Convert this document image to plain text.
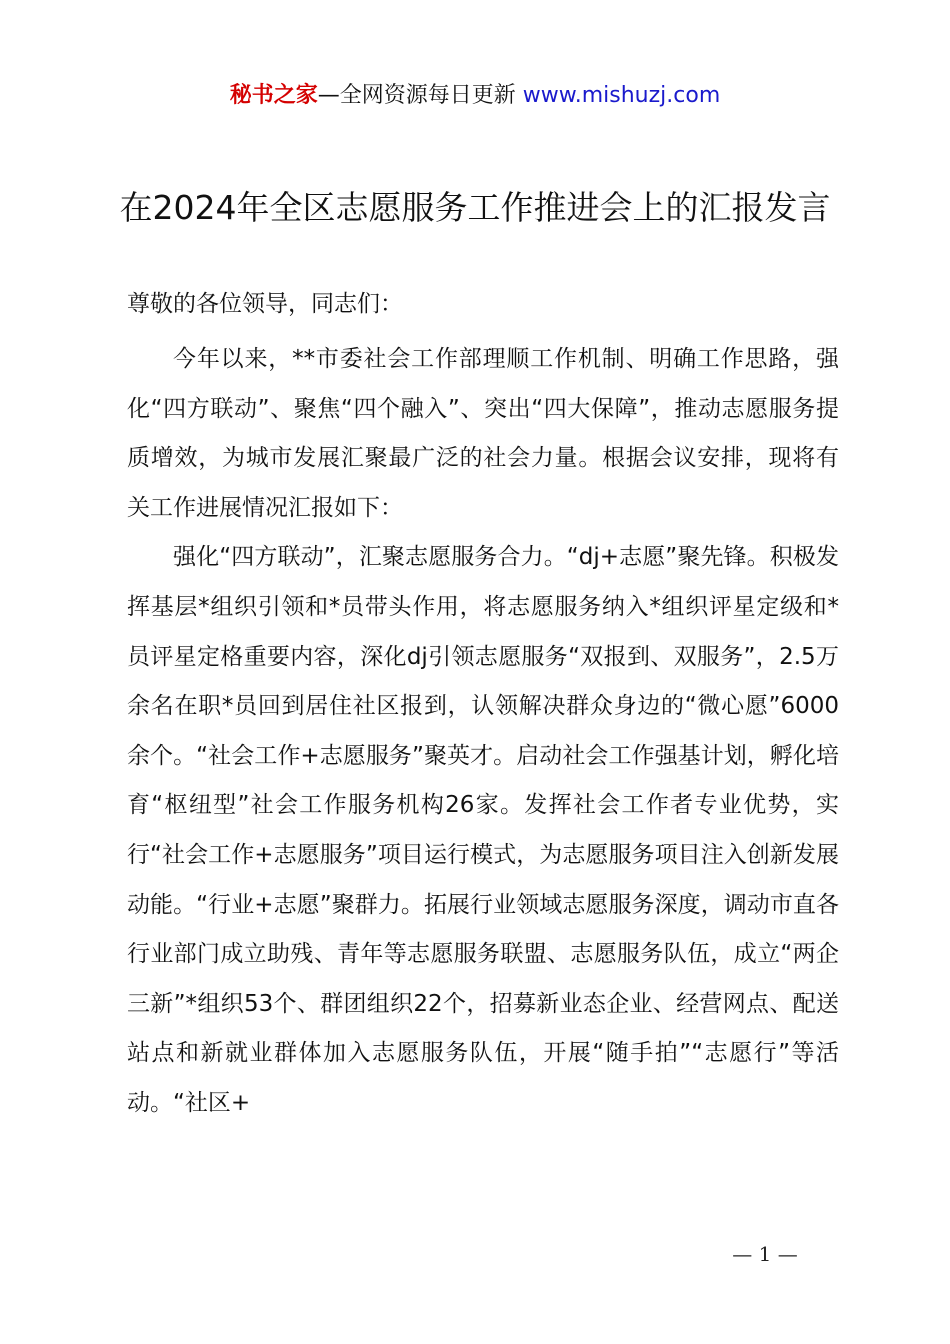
秘书之家—全网资源每日更新 www.mishuzj.com
在2024年全区志愿服务工作推进会上的汇报发言

尊敬的各位领导，同志们：

今年以来，**市委社会工作部理顺工作机制、明确工作思路，强化“四方联动”、聚焦“四个融入”、突出“四大保障”，推动志愿服务提质增效，为城市发展汇聚最广泛的社会力量。根据会议安排，现将有关工作进展情况汇报如下：

强化“四方联动”，汇聚志愿服务合力。“dj+志愿”聚先锋。积极发挥基层*组织引领和*员带头作用，将志愿服务纳入*组织评星定级和*员评星定格重要内容，深化dj引领志愿服务“双报到、双服务”，2.5万余名在职*员回到居住社区报到，认领解决群众身边的“微心愿”6000余个。“社会工作+志愿服务”聚英才。启动社会工作强基计划，孵化培育“枢纽型”社会工作服务机构26家。发挥社会工作者专业优势，实行“社会工作+志愿服务”项目运行模式，为志愿服务项目注入创新发展动能。“行业+志愿”聚群力。拓展行业领域志愿服务深度，调动市直各行业部门成立助残、青年等志愿服务联盟、志愿服务队伍，成立“两企三新”*组织53个、群团组织22个，招募新业态企业、经营网点、配送站点和新就业群体加入志愿服务队伍，开展“随手拍”“志愿行”等活动。“社区+

— 1 —
